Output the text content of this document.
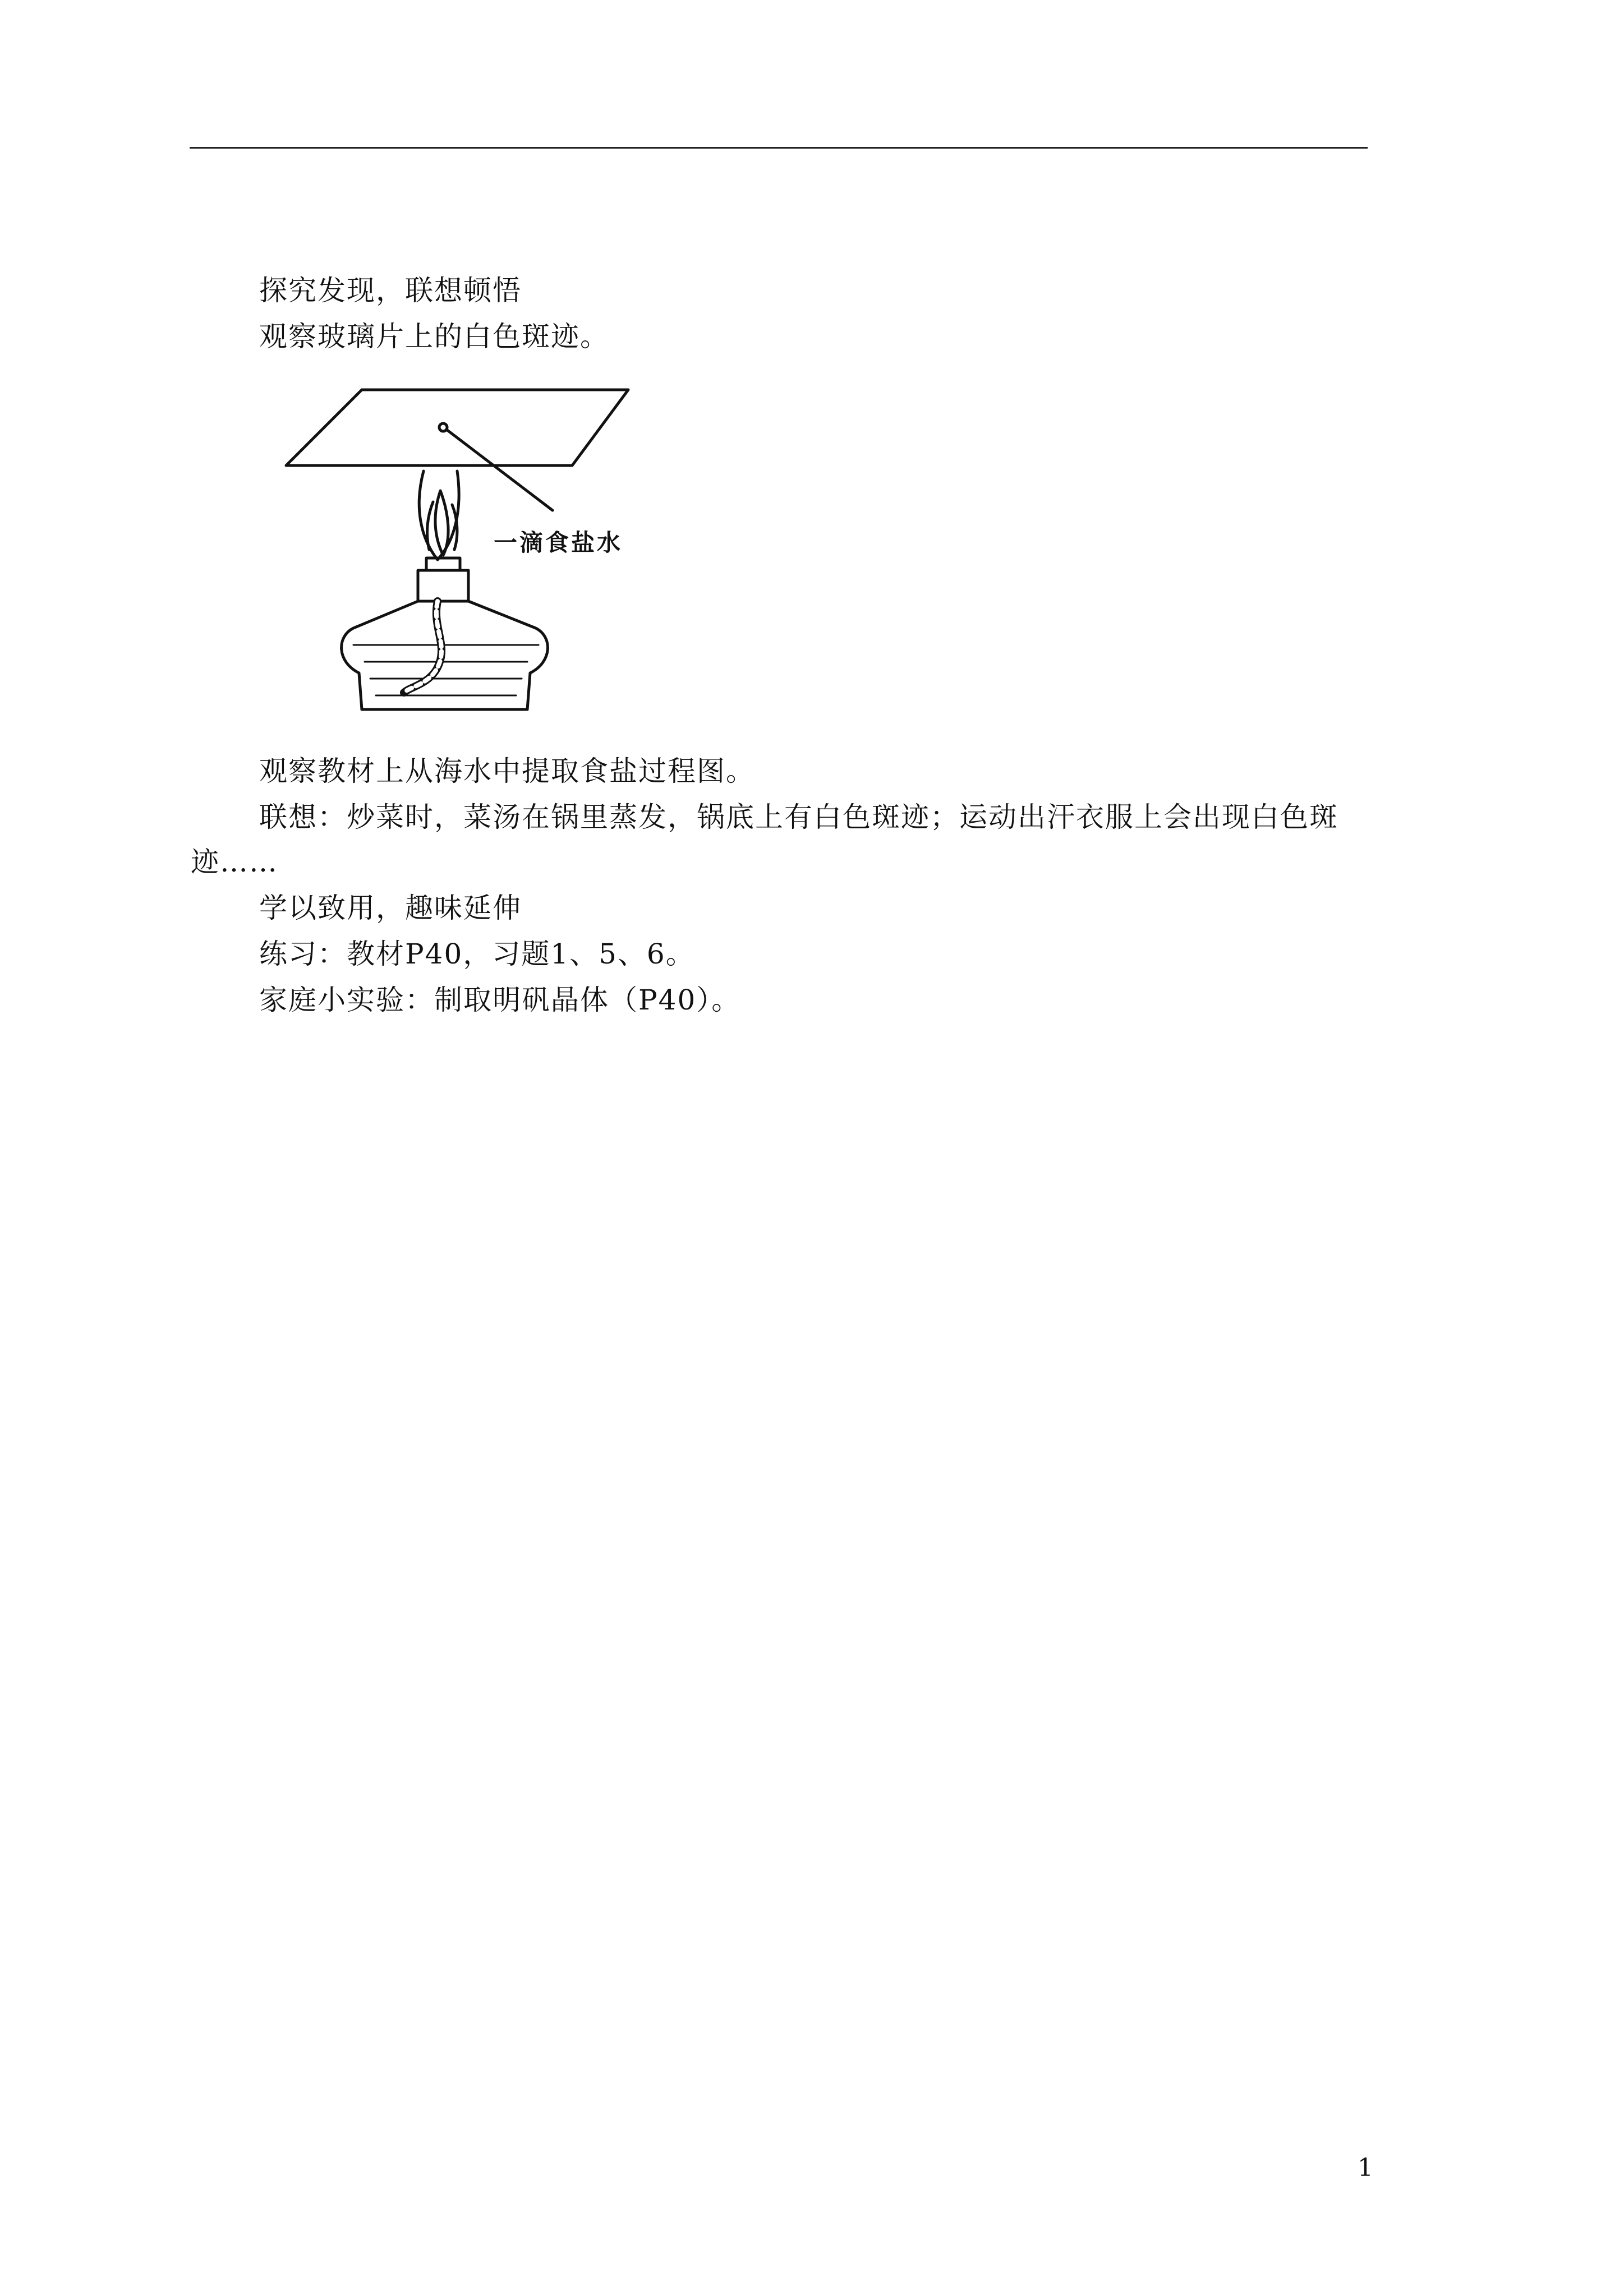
探究发现，联想顿悟
观察玻璃片上的白色斑迹。
一滴食盐水
观察教材上从海水中提取食盐过程图。
联想：炒菜时，菜汤在锅里蒸发，锅底上有白色斑迹；运动出汗衣服上会出现白色斑
迹……
学以致用，趣味延伸
练习：教材P40，习题1、5、6。
家庭小实验：制取明矾晶体（P40）。
1
